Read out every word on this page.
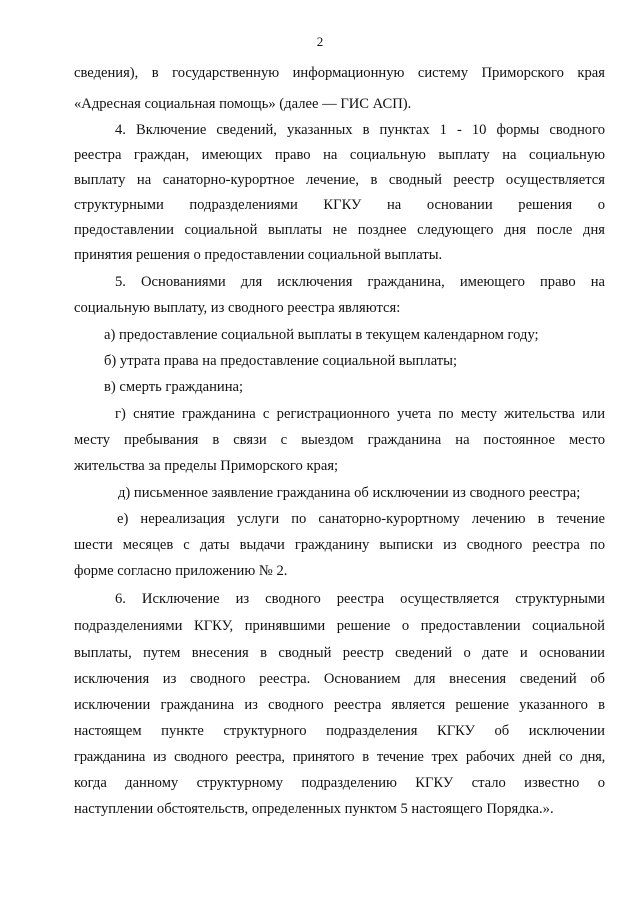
2
сведения), в государственную информационную систему Приморского края
«Адресная социальная помощь» (далее — ГИС АСП).
4. Включение сведений, указанных в пунктах 1 - 10 формы сводного
реестра граждан, имеющих право на социальную выплату на социальную
выплату на санаторно-курортное лечение, в сводный реестр осуществляется
структурными подразделениями КГКУ на основании решения о
предоставлении социальной выплаты не позднее следующего дня после дня
принятия решения о предоставлении социальной выплаты.
5. Основаниями для исключения гражданина, имеющего право на
социальную выплату, из сводного реестра являются:
а) предоставление социальной выплаты в текущем календарном году;
б) утрата права на предоставление социальной выплаты;
в) смерть гражданина;
г) снятие гражданина с регистрационного учета по месту жительства или
месту пребывания в связи с выездом гражданина на постоянное место
жительства за пределы Приморского края;
д) письменное заявление гражданина об исключении из сводного реестра;
е) нереализация услуги по санаторно-курортному лечению в течение
шести месяцев с даты выдачи гражданину выписки из сводного реестра по
форме согласно приложению № 2.
6. Исключение из сводного реестра осуществляется структурными
подразделениями КГКУ, принявшими решение о предоставлении социальной
выплаты, путем внесения в сводный реестр сведений о дате и основании
исключения из сводного реестра. Основанием для внесения сведений об
исключении гражданина из сводного реестра является решение указанного в
настоящем пункте структурного подразделения КГКУ об исключении
гражданина из сводного реестра, принятого в течение трех рабочих дней со дня,
когда данному структурному подразделению КГКУ стало известно о
наступлении обстоятельств, определенных пунктом 5 настоящего Порядка.».
